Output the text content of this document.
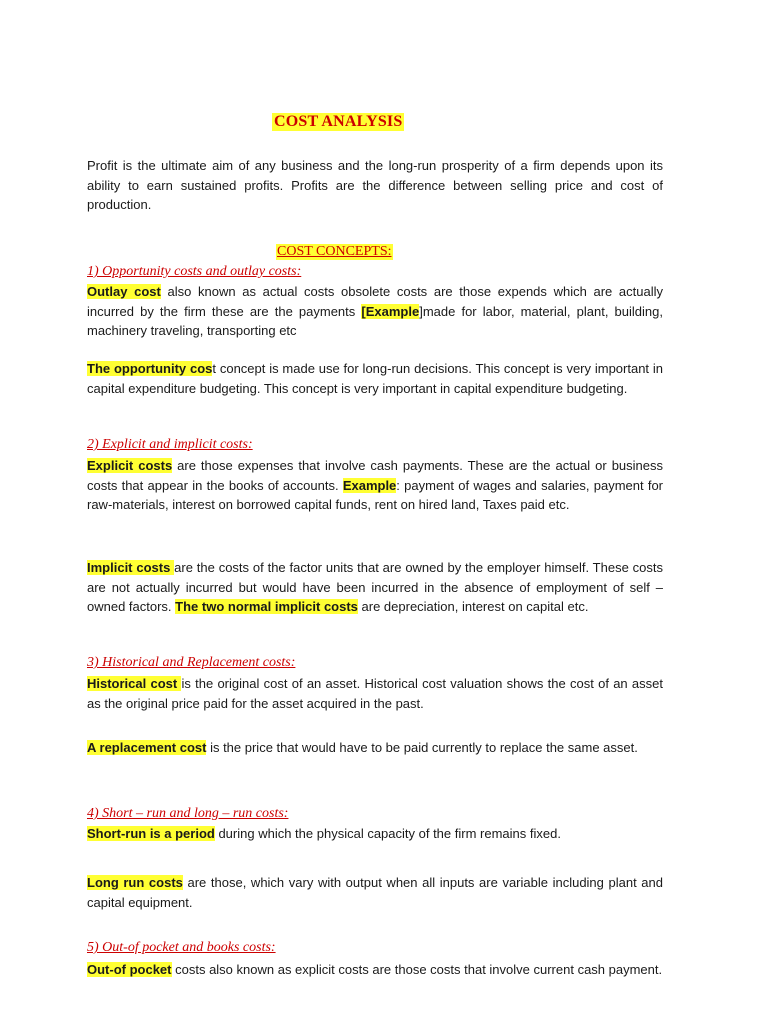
COST ANALYSIS
Profit is the ultimate aim of any business and the long-run prosperity of a firm depends upon its ability to earn sustained profits. Profits are the difference between selling price and cost of production.
COST CONCEPTS:
1) Opportunity costs and outlay costs:
Outlay cost also known as actual costs obsolete costs are those expends which are actually incurred by the firm these are the payments [Example]made for labor, material, plant, building, machinery traveling, transporting etc
The opportunity cost concept is made use for long-run decisions. This concept is very important in capital expenditure budgeting. This concept is very important in capital expenditure budgeting.
2) Explicit and implicit costs:
Explicit costs are those expenses that involve cash payments. These are the actual or business costs that appear in the books of accounts. Example: payment of wages and salaries, payment for raw-materials, interest on borrowed capital funds, rent on hired land, Taxes paid etc.
Implicit costs are the costs of the factor units that are owned by the employer himself. These costs are not actually incurred but would have been incurred in the absence of employment of self – owned factors. The two normal implicit costs are depreciation, interest on capital etc.
3) Historical and Replacement costs:
Historical cost is the original cost of an asset. Historical cost valuation shows the cost of an asset as the original price paid for the asset acquired in the past.
A replacement cost is the price that would have to be paid currently to replace the same asset.
4) Short – run and long – run costs:
Short-run is a period during which the physical capacity of the firm remains fixed.
Long run costs are those, which vary with output when all inputs are variable including plant and capital equipment.
5) Out-of pocket and books costs:
Out-of pocket costs also known as explicit costs are those costs that involve current cash payment.
